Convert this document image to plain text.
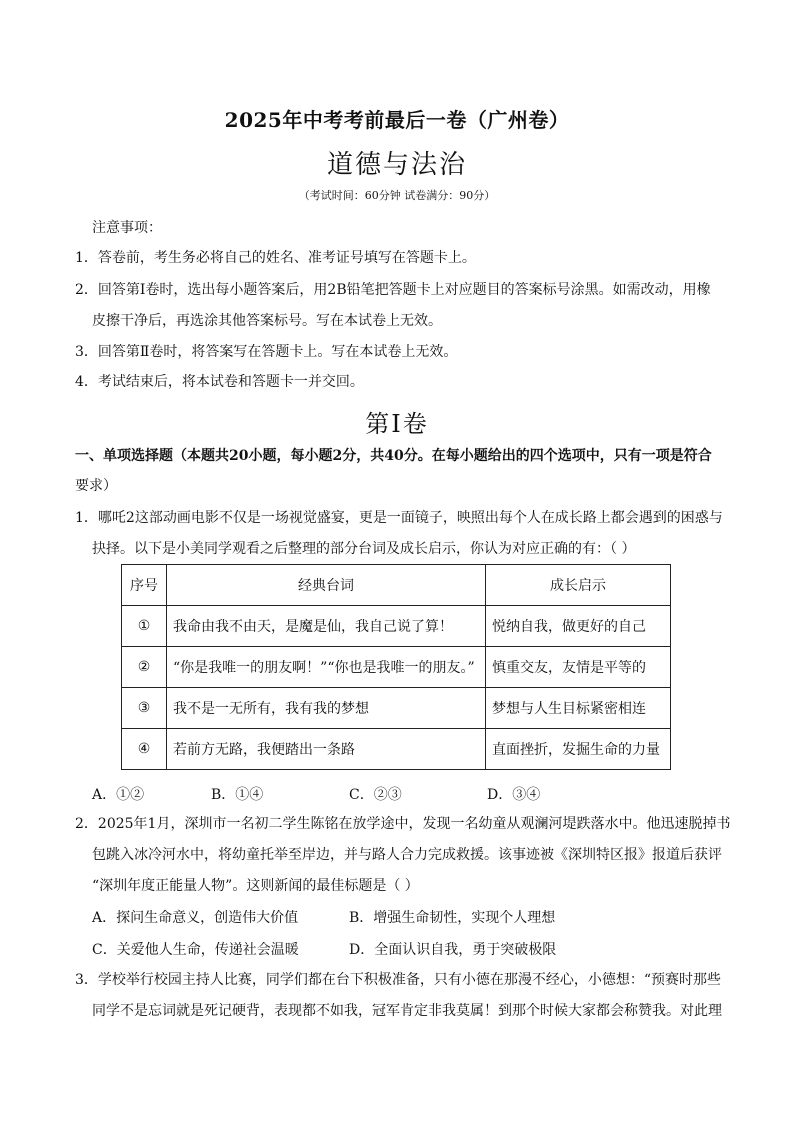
2025年中考考前最后一卷（广州卷）
道德与法治
（考试时间：60分钟 试卷满分：90分）
注意事项：
1．答卷前，考生务必将自己的姓名、准考证号填写在答题卡上。
2．回答第Ⅰ卷时，选出每小题答案后，用2B铅笔把答题卡上对应题目的答案标号涂黑。如需改动，用橡
皮擦干净后，再选涂其他答案标号。写在本试卷上无效。
3．回答第Ⅱ卷时，将答案写在答题卡上。写在本试卷上无效。
4．考试结束后，将本试卷和答题卡一并交回。
第Ⅰ卷
一、单项选择题（本题共20小题，每小题2分，共40分。在每小题给出的四个选项中，只有一项是符合
要求）
1．哪吒2这部动画电影不仅是一场视觉盛宴，更是一面镜子，映照出每个人在成长路上都会遇到的困惑与
抉择。以下是小美同学观看之后整理的部分台词及成长启示，你认为对应正确的有：（ ）
序号	经典台词	成长启示
①	我命由我不由天，是魔是仙，我自己说了算！	悦纳自我，做更好的自己
②	“你是我唯一的朋友啊！”“你也是我唯一的朋友。”	慎重交友，友情是平等的
③	我不是一无所有，我有我的梦想	梦想与人生目标紧密相连
④	若前方无路，我便踏出一条路	直面挫折，发掘生命的力量
A．①②	B．①④	C．②③	D．③④
2．2025年1月，深圳市一名初二学生陈铭在放学途中，发现一名幼童从观澜河堤跌落水中。他迅速脱掉书
包跳入冰冷河水中，将幼童托举至岸边，并与路人合力完成救援。该事迹被《深圳特区报》报道后获评
“深圳年度正能量人物”。这则新闻的最佳标题是（ ）
A．探问生命意义，创造伟大价值	B．增强生命韧性，实现个人理想
C．关爱他人生命，传递社会温暖	D．全面认识自我，勇于突破极限
3．学校举行校园主持人比赛，同学们都在台下积极准备，只有小德在那漫不经心，小德想：“预赛时那些
同学不是忘词就是死记硬背，表现都不如我，冠军肯定非我莫属！到那个时候大家都会称赞我。对此理
